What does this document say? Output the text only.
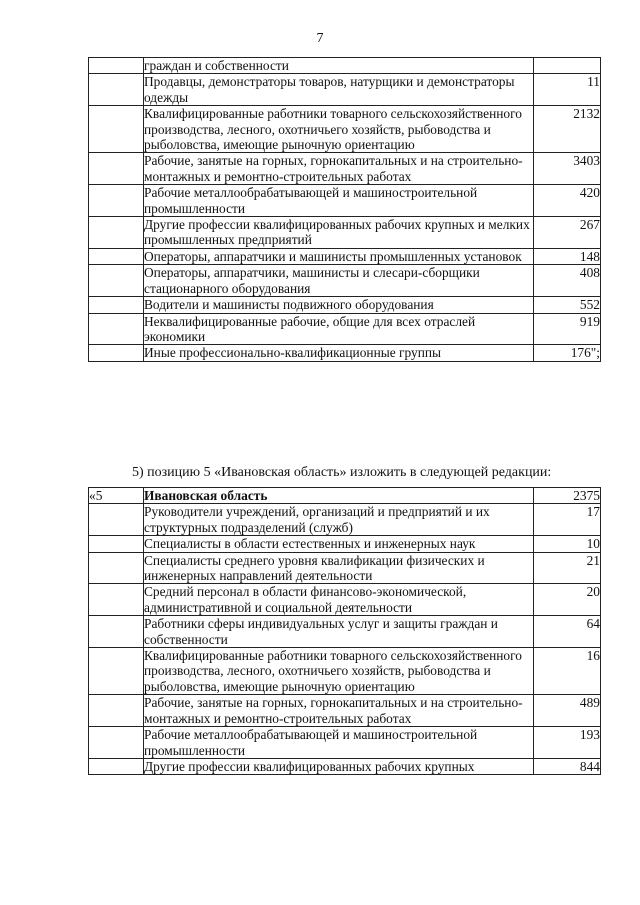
7
	граждан и собственности	
	Продавцы, демонстраторы товаров, натурщики и демонстраторы одежды	11
	Квалифицированные работники товарного сельскохозяйственного производства, лесного, охотничьего хозяйств, рыбоводства и рыболовства, имеющие рыночную ориентацию	2132
	Рабочие, занятые на горных, горнокапитальных и на строительно-монтажных и ремонтно-строительных работах	3403
	Рабочие металлообрабатывающей и машиностроительной промышленности	420
	Другие профессии квалифицированных рабочих крупных и мелких промышленных предприятий	267
	Операторы, аппаратчики и машинисты промышленных установок	148
	Операторы, аппаратчики, машинисты и слесари-сборщики стационарного оборудования	408
	Водители и машинисты подвижного оборудования	552
	Неквалифицированные рабочие, общие для всех отраслей экономики	919
	Иные профессионально-квалификационные группы	176";
5) позицию 5 «Ивановская область» изложить в следующей редакции:
«5	Ивановская область	2375
	Руководители учреждений, организаций и предприятий и их структурных подразделений (служб)	17
	Специалисты в области естественных и инженерных наук	10
	Специалисты среднего уровня квалификации физических и инженерных направлений деятельности	21
	Средний персонал в области финансово-экономической, административной и социальной деятельности	20
	Работники сферы индивидуальных услуг и защиты граждан и собственности	64
	Квалифицированные работники товарного сельскохозяйственного производства, лесного, охотничьего хозяйств, рыбоводства и рыболовства, имеющие рыночную ориентацию	16
	Рабочие, занятые на горных, горнокапитальных и на строительно-монтажных и ремонтно-строительных работах	489
	Рабочие металлообрабатывающей и машиностроительной промышленности	193
	Другие профессии квалифицированных рабочих крупных	844
